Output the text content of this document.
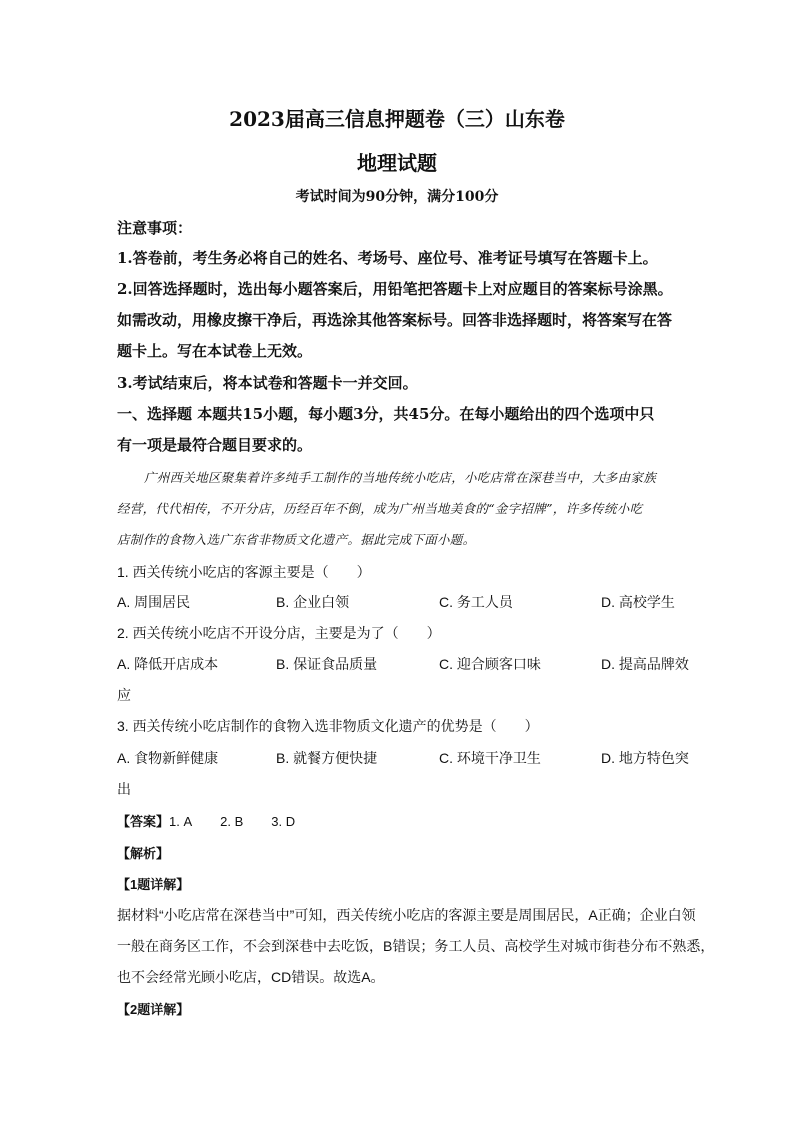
2023届高三信息押题卷（三）山东卷
地理试题
考试时间为90分钟，满分100分
注意事项：
1.答卷前，考生务必将自己的姓名、考场号、座位号、准考证号填写在答题卡上。
2.回答选择题时，选出每小题答案后，用铅笔把答题卡上对应题目的答案标号涂黑。
如需改动，用橡皮擦干净后，再选涂其他答案标号。回答非选择题时，将答案写在答
题卡上。写在本试卷上无效。
3.考试结束后，将本试卷和答题卡一并交回。
一、选择题 本题共15小题，每小题3分，共45分。在每小题给出的四个选项中只
有一项是最符合题目要求的。
广州西关地区聚集着许多纯手工制作的当地传统小吃店，小吃店常在深巷当中，大多由家族
经营，代代相传，不开分店，历经百年不倒，成为广州当地美食的“金字招牌”，许多传统小吃
店制作的食物入选广东省非物质文化遗产。据此完成下面小题。
1. 西关传统小吃店的客源主要是（　　）
A. 周围居民	B. 企业白领	C. 务工人员	D. 高校学生
2. 西关传统小吃店不开设分店，主要是为了（　　）
A. 降低开店成本	B. 保证食品质量	C. 迎合顾客口味	D. 提高品牌效
应
3. 西关传统小吃店制作的食物入选非物质文化遗产的优势是（　　）
A. 食物新鲜健康	B. 就餐方便快捷	C. 环境干净卫生	D. 地方特色突
出
【答案】1. A 2. B 3. D
【解析】
【1题详解】
据材料“小吃店常在深巷当中”可知，西关传统小吃店的客源主要是周围居民，A正确；企业白领
一般在商务区工作，不会到深巷中去吃饭，B错误；务工人员、高校学生对城市街巷分布不熟悉，
也不会经常光顾小吃店，CD错误。故选A。
【2题详解】
